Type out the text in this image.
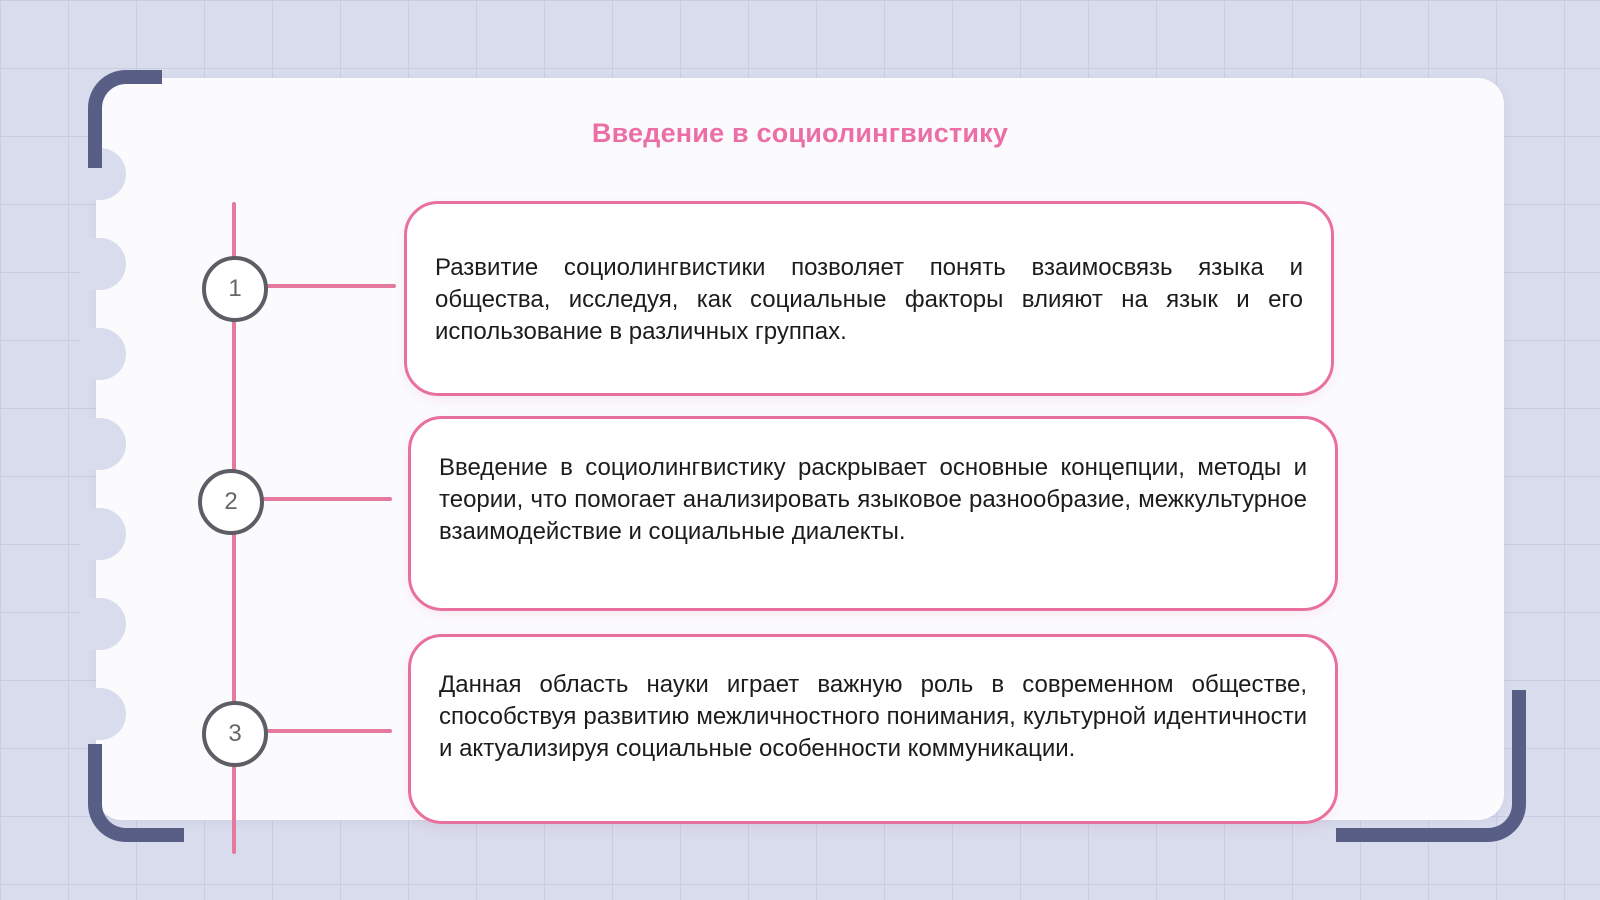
Введение в социолингвистику
1

Развитие социолингвистики позволяет понять взаимосвязь языка и общества, исследуя, как социальные факторы влияют на язык и его использование в различных группах.

2

Введение в социолингвистику раскрывает основные концепции, методы и теории, что помогает анализировать языковое разнообразие, межкультурное взаимодействие и социальные диалекты.

3

Данная область науки играет важную роль в современном обществе, способствуя развитию межличностного понимания, культурной идентичности и актуализируя социальные особенности коммуникации.
